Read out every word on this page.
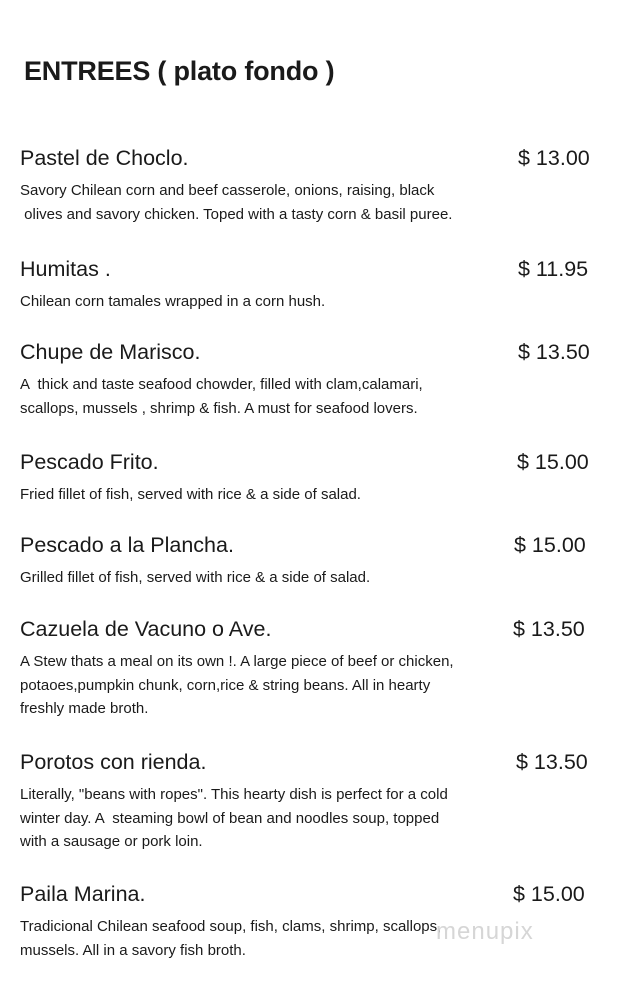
ENTREES ( plato fondo )
Pastel de Choclo.	$ 13.00
Savory Chilean corn and beef casserole, onions, raising, black
olives and savory chicken. Toped with a tasty corn & basil puree.
Humitas .	$ 11.95
Chilean corn tamales wrapped in a corn hush.
Chupe de Marisco.	$ 13.50
A  thick and taste seafood chowder, filled with clam,calamari,
scallops, mussels , shrimp & fish. A must for seafood lovers.
Pescado Frito.	$ 15.00
Fried fillet of fish, served with rice & a side of salad.
Pescado a la Plancha.	$ 15.00
Grilled fillet of fish, served with rice & a side of salad.
Cazuela de Vacuno o Ave.	$ 13.50
A Stew thats a meal on its own !. A large piece of beef or chicken,
potaoes,pumpkin chunk, corn,rice & string beans. All in hearty
freshly made broth.
Porotos con rienda.	$ 13.50
Literally, "beans with ropes". This hearty dish is perfect for a cold
winter day. A  steaming bowl of bean and noodles soup, topped
with a sausage or pork loin.
Paila Marina.	$ 15.00
Tradicional Chilean seafood soup, fish, clams, shrimp, scallops,
mussels. All in a savory fish broth.
menupix
